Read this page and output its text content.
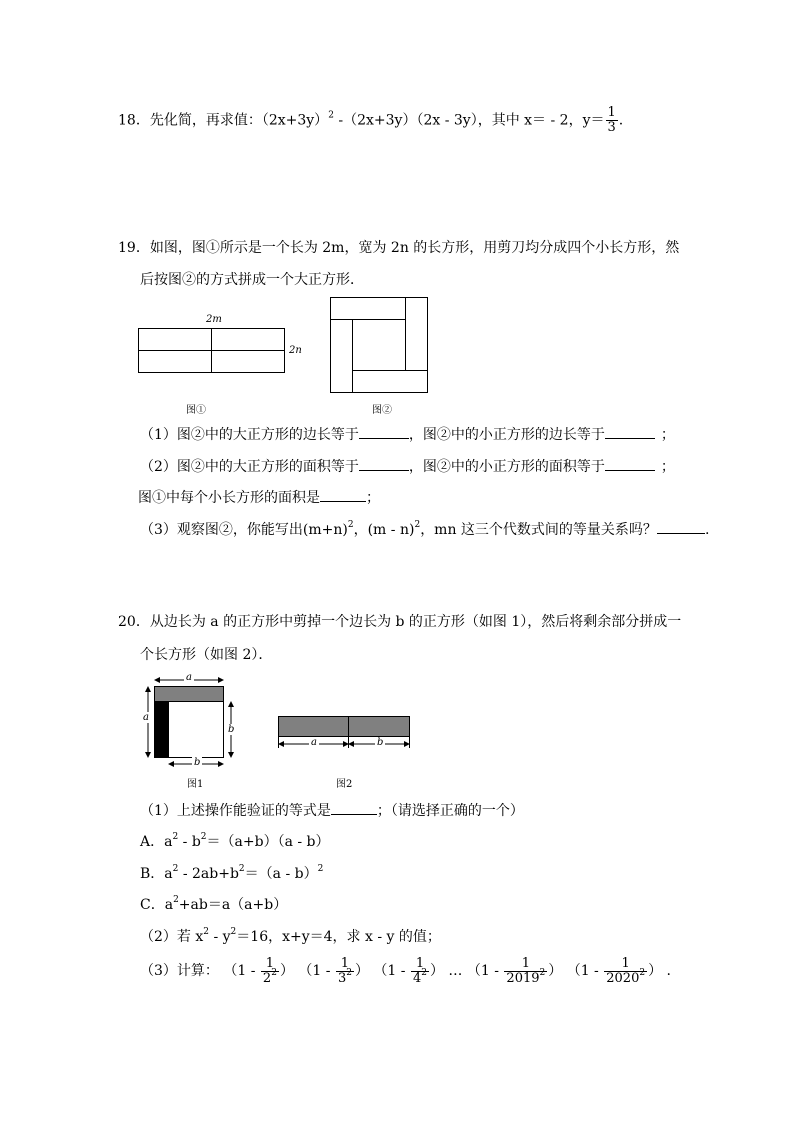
18．先化简，再求值：$(2x+3y)^2$ -（2x+3y）（2x - 3y），其中 x＝ - 2，$y= \frac{1}{3}$ .
19．如图，图①所示是一个长为 2m，宽为 2n 的长方形，用剪刀均分成四个小长方形，然
后按图②的方式拼成一个大正方形．
2m
2n
图①	图②
（1）图②中的大正方形的边长等于	，图②中的小正方形的边长等于	；
（2）图②中的大正方形的面积等于	，图②中的小正方形的面积等于	；
图①中每个小长方形的面积是	；
（3）观察图②，你能写出$(m+n)^2$，(m - n)$^2$，mn 这三个代数式间的等量关系吗？	.
20．从边长为 a 的正方形中剪掉一个边长为 b 的正方形（如图 1），然后将剩余部分拼成一
个长方形（如图 2）．
a
a
b
b
图1
a	b
图2
（1）上述操作能验证的等式是	；（请选择正确的一个）
A．$a^2 - b^2=(a+b)(a - b)$
B．$a^2 - 2ab+b^2=(a - b)^2$
C．$a^2+ab=a(a+b)$
（2）若 $x^2 - y^2=16$，x+y＝4，求 x - y 的值；
（3）计算： （$1 - \frac{1}{2^2}$ ） （$1 - \frac{1}{3^2}$ ） （$1 - \frac{1}{4^2}$ ） … （$1 - \frac{1}{2019^2}$ ） （$1 - \frac{1}{2020^2}$ ） .
